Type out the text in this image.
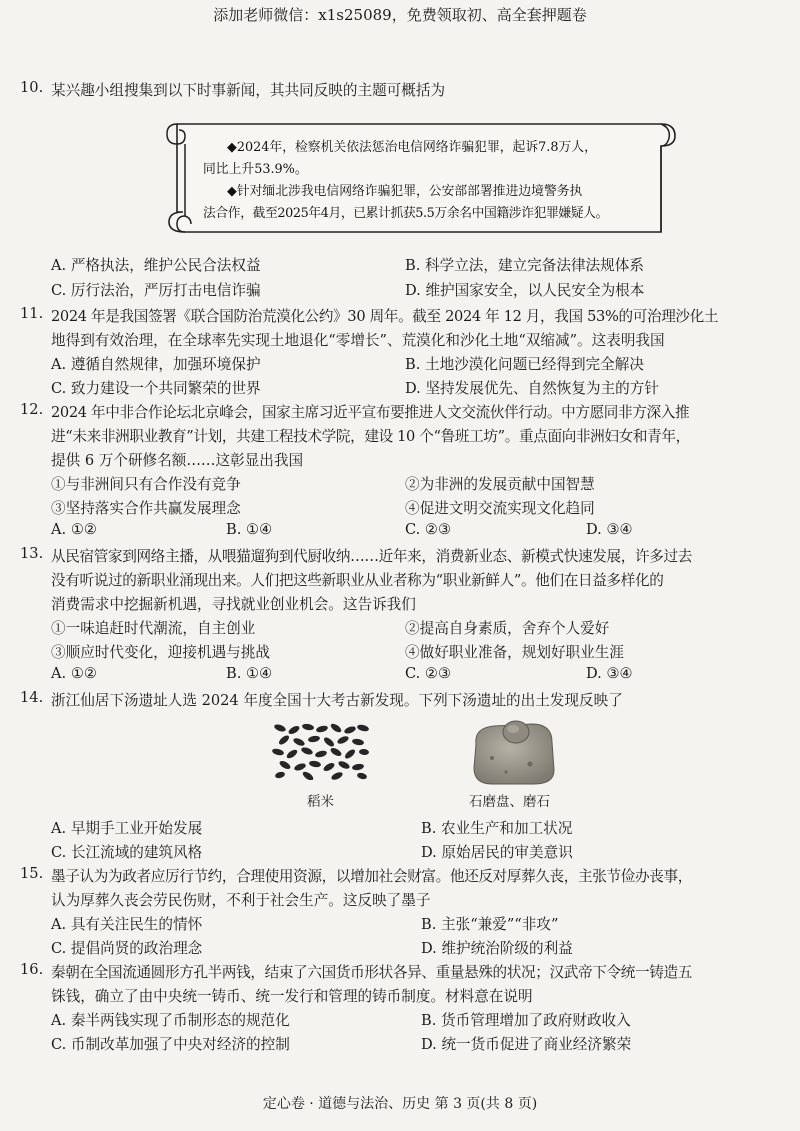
添加老师微信：x1s25089，免费领取初、高全套押题卷
10. 某兴趣小组搜集到以下时事新闻，其共同反映的主题可概括为
◆2024年，检察机关依法惩治电信网络诈骗犯罪，起诉7.8万人，
同比上升53.9%。
◆针对缅北涉我电信网络诈骗犯罪，公安部部署推进边境警务执
法合作，截至2025年4月，已累计抓获5.5万余名中国籍涉诈犯罪嫌疑人。
A. 严格执法，维护公民合法权益	B. 科学立法，建立完备法律法规体系
C. 厉行法治，严厉打击电信诈骗	D. 维护国家安全，以人民安全为根本
11. 2024 年是我国签署《联合国防治荒漠化公约》30 周年。截至 2024 年 12 月，我国 53%的可治理沙化土
地得到有效治理，在全球率先实现土地退化“零增长”、荒漠化和沙化土地“双缩减”。这表明我国
A. 遵循自然规律，加强环境保护	B. 土地沙漠化问题已经得到完全解决
C. 致力建设一个共同繁荣的世界	D. 坚持发展优先、自然恢复为主的方针
12. 2024 年中非合作论坛北京峰会，国家主席习近平宣布要推进人文交流伙伴行动。中方愿同非方深入推
进“未来非洲职业教育”计划，共建工程技术学院，建设 10 个“鲁班工坊”。重点面向非洲妇女和青年，
提供 6 万个研修名额……这彰显出我国
①与非洲间只有合作没有竞争	②为非洲的发展贡献中国智慧
③坚持落实合作共赢发展理念	④促进文明交流实现文化趋同
A. ①②	B. ①④	C. ②③	D. ③④
13. 从民宿管家到网络主播，从喂猫遛狗到代厨收纳……近年来，消费新业态、新模式快速发展，许多过去
没有听说过的新职业涌现出来。人们把这些新职业从业者称为“职业新鲜人”。他们在日益多样化的
消费需求中挖掘新机遇，寻找就业创业机会。这告诉我们
①一味追赶时代潮流，自主创业	②提高自身素质，舍弃个人爱好
③顺应时代变化，迎接机遇与挑战	④做好职业准备，规划好职业生涯
A. ①②	B. ①④	C. ②③	D. ③④
14. 浙江仙居下汤遗址人选 2024 年度全国十大考古新发现。下列下汤遗址的出土发现反映了
稻米	石磨盘、磨石
A. 早期手工业开始发展	B. 农业生产和加工状况
C. 长江流域的建筑风格	D. 原始居民的审美意识
15. 墨子认为为政者应厉行节约，合理使用资源，以增加社会财富。他还反对厚葬久丧，主张节俭办丧事，
认为厚葬久丧会劳民伤财，不利于社会生产。这反映了墨子
A. 具有关注民生的情怀	B. 主张“兼爱”“非攻”
C. 提倡尚贤的政治理念	D. 维护统治阶级的利益
16. 秦朝在全国流通圆形方孔半两钱，结束了六国货币形状各异、重量悬殊的状况；汉武帝下令统一铸造五
铢钱，确立了由中央统一铸币、统一发行和管理的铸币制度。材料意在说明
A. 秦半两钱实现了币制形态的规范化	B. 货币管理增加了政府财政收入
C. 币制改革加强了中央对经济的控制	D. 统一货币促进了商业经济繁荣
定心卷 · 道德与法治、历史 第 3 页(共 8 页)
